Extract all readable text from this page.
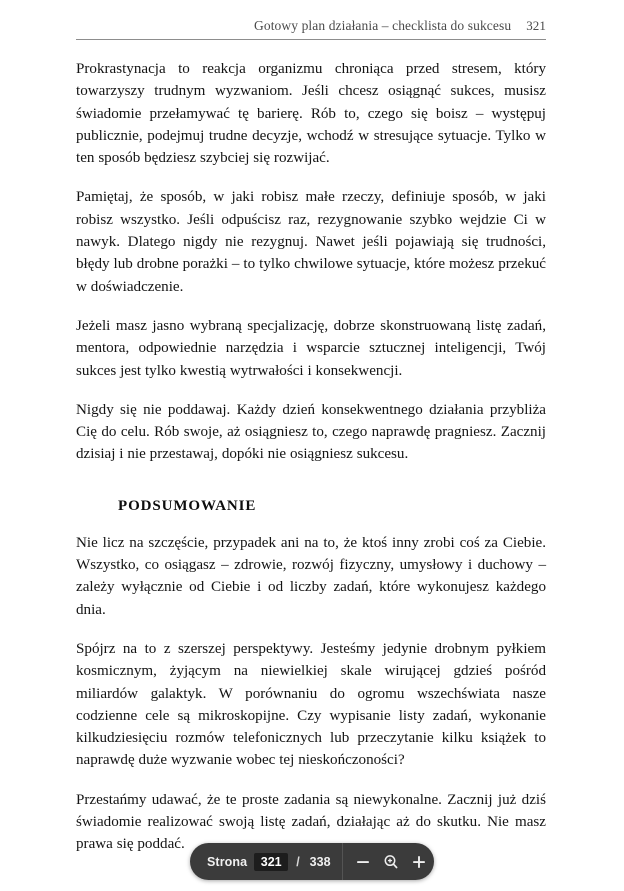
Gotowy plan działania – checklista do sukcesu 321

Prokrastynacja to reakcja organizmu chroniąca przed stresem, który towarzyszy trudnym wyzwaniom. Jeśli chcesz osiągnąć sukces, musisz świadomie przełamywać tę barierę. Rób to, czego się boisz – występuj publicznie, podejmuj trudne decyzje, wchodź w stresujące sytuacje. Tylko w ten sposób będziesz szybciej się rozwijać.

Pamiętaj, że sposób, w jaki robisz małe rzeczy, definiuje sposób, w jaki robisz wszystko. Jeśli odpuścisz raz, rezygnowanie szybko wejdzie Ci w nawyk. Dlatego nigdy nie rezygnuj. Nawet jeśli pojawiają się trudności, błędy lub drobne porażki – to tylko chwilowe sytuacje, które możesz przekuć w doświadczenie.

Jeżeli masz jasno wybraną specjalizację, dobrze skonstruowaną listę zadań, mentora, odpowiednie narzędzia i wsparcie sztucznej inteligencji, Twój sukces jest tylko kwestią wytrwałości i konsekwencji.

Nigdy się nie poddawaj. Każdy dzień konsekwentnego działania przybliża Cię do celu. Rób swoje, aż osiągniesz to, czego naprawdę pragniesz. Zacznij dzisiaj i nie przestawaj, dopóki nie osiągniesz sukcesu.

PODSUMOWANIE

Nie licz na szczęście, przypadek ani na to, że ktoś inny zrobi coś za Ciebie. Wszystko, co osiągasz – zdrowie, rozwój fizyczny, umysłowy i duchowy – zależy wyłącznie od Ciebie i od liczby zadań, które wykonujesz każdego dnia.

Spójrz na to z szerszej perspektywy. Jesteśmy jedynie drobnym pyłkiem kosmicznym, żyjącym na niewielkiej skale wirującej gdzieś pośród miliardów galaktyk. W porównaniu do ogromu wszechświata nasze codzienne cele są mikroskopijne. Czy wypisanie listy zadań, wykonanie kilkudziesięciu rozmów telefonicznych lub przeczytanie kilku książek to naprawdę duże wyzwanie wobec tej nieskończoności?

Przestańmy udawać, że te proste zadania są niewykonalne. Zacznij już dziś świadomie realizować swoją listę zadań, działając aż do skutku. Nie masz prawa się poddać.

Strona	321	/ 338
